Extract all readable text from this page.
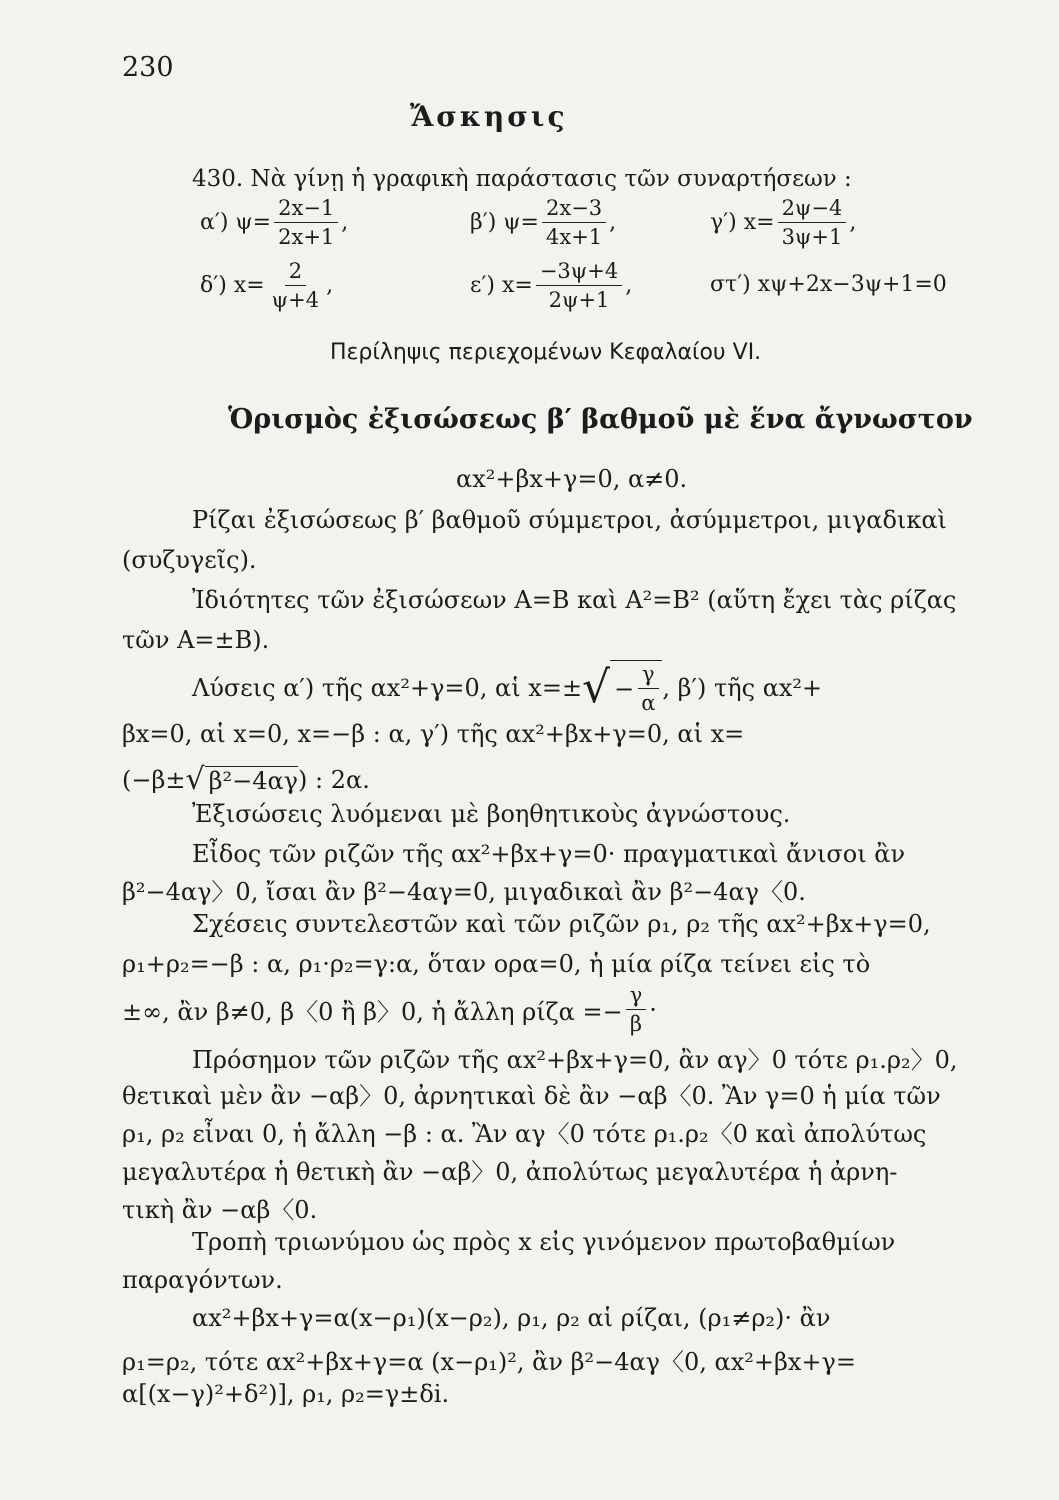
230
Ἄσκησις
430. Νὰ γίνῃ ἡ γραφικὴ παράστασις τῶν συναρτήσεων :
α′) $\psi= \frac{2x-1}{2x+1}$ ,	β′) $\psi= \frac{2x-3}{4x+1}$ ,	γ′) $x= \frac{2\psi-4}{3\psi+1}$ ,
δ′) $x= \frac{2}{\psi+4}$ ,	ε′) $x= \frac{-3\psi+4}{2\psi+1}$ ,	στ′) xψ+2x−3ψ+1=0
Περίληψις περιεχομένων Κεφαλαίου VI.
Ὁρισμὸς ἐξισώσεως β′ βαθμοῦ μὲ ἕνα ἄγνωστον
αx²+βx+γ=0, α≠0.
Ρίζαι ἐξισώσεως β′ βαθμοῦ σύμμετροι, ἀσύμμετροι, μιγαδικαὶ
(συζυγεῖς).
Ἰδιότητες τῶν ἐξισώσεων A=B καὶ A²=B² (αὕτη ἔχει τὰς ρίζας
τῶν A=±B).
Λύσεις α′) τῆς αx²+γ=0, αἱ x=± √ −
γ
α
, β′) τῆς αx²+
βx=0, αἱ x=0, x=−β : α, γ′) τῆς αx²+βx+γ=0, αἱ x=
(−β± √ β²−4αγ ) : 2α.
Ἐξισώσεις λυόμεναι μὲ βοηθητικοὺς ἀγνώστους.
Εἶδος τῶν ριζῶν τῆς αx²+βx+γ=0· πραγματικαὶ ἄνισοι ἂν
β²−4αγ〉0, ἴσαι ἂν β²−4αγ=0, μιγαδικαὶ ἂν β²−4αγ〈0.
Σχέσεις συντελεστῶν καὶ τῶν ριζῶν ρ₁, ρ₂ τῆς αx²+βx+γ=0,
ρ₁+ρ₂=−β : α, ρ₁·ρ₂=γ:α, ὅταν ορα=0, ἡ μία ρίζα τείνει εἰς τὸ
±∞, ἂν β≠0, β〈0 ἢ β〉0, ἡ ἄλλη $\rho ί\zeta\alpha =- \frac{\gamma}{\beta}$ ·
Πρόσημον τῶν ριζῶν τῆς αx²+βx+γ=0, ἂν αγ〉0 τότε ρ₁.ρ₂〉0,
θετικαὶ μὲν ἂν −αβ〉0, ἀρνητικαὶ δὲ ἂν −αβ〈0. Ἂν γ=0 ἡ μία τῶν
ρ₁, ρ₂ εἶναι 0, ἡ ἄλλη −β : α. Ἂν αγ〈0 τότε ρ₁.ρ₂〈0 καὶ ἀπολύτως
μεγαλυτέρα ἡ θετικὴ ἂν −αβ〉0, ἀπολύτως μεγαλυτέρα ἡ ἀρνη-
τικὴ ἂν −αβ〈0.
Τροπὴ τριωνύμου ὡς πρὸς x εἰς γινόμενον πρωτοβαθμίων
παραγόντων.
αx²+βx+γ=α(x−ρ₁)(x−ρ₂), ρ₁, ρ₂ αἱ ρίζαι, (ρ₁≠ρ₂)· ἂν
ρ₁=ρ₂, τότε αx²+βx+γ=α (x−ρ₁)², ἂν β²−4αγ〈0, αx²+βx+γ=
α[(x−γ)²+δ²)], ρ₁, ρ₂=γ±δi.
